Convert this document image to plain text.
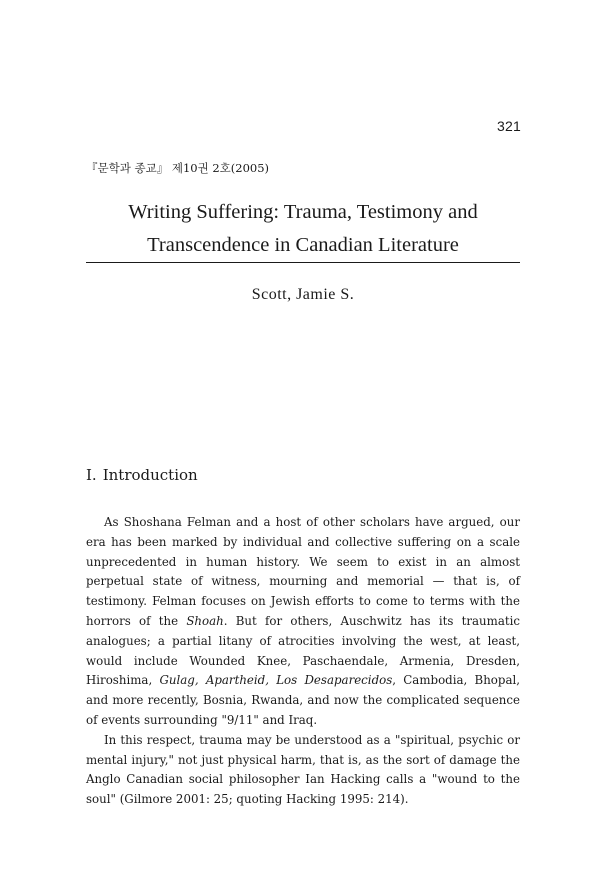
321
『문학과 종교』 제10권 2호(2005)
Writing Suffering: Trauma, Testimony and
Transcendence in Canadian Literature
Scott, Jamie S.
I. Introduction

As Shoshana Felman and a host of other scholars have argued, our era has been marked by individual and collective suffering on a scale unprecedented in human history. We seem to exist in an almost perpetual state of witness, mourning and memorial — that is, of testimony. Felman focuses on Jewish efforts to come to terms with the horrors of the Shoah. But for others, Auschwitz has its traumatic analogues; a partial litany of atrocities involving the west, at least, would include Wounded Knee, Paschaendale, Armenia, Dresden, Hiroshima, Gulag, Apartheid, Los Desaparecidos, Cambodia, Bhopal, and more recently, Bosnia, Rwanda, and now the complicated sequence of events surrounding "9/11" and Iraq.

In this respect, trauma may be understood as a "spiritual, psychic or mental injury," not just physical harm, that is, as the sort of damage the Anglo Canadian social philosopher Ian Hacking calls a "wound to the soul" (Gilmore 2001: 25; quoting Hacking 1995: 214).
